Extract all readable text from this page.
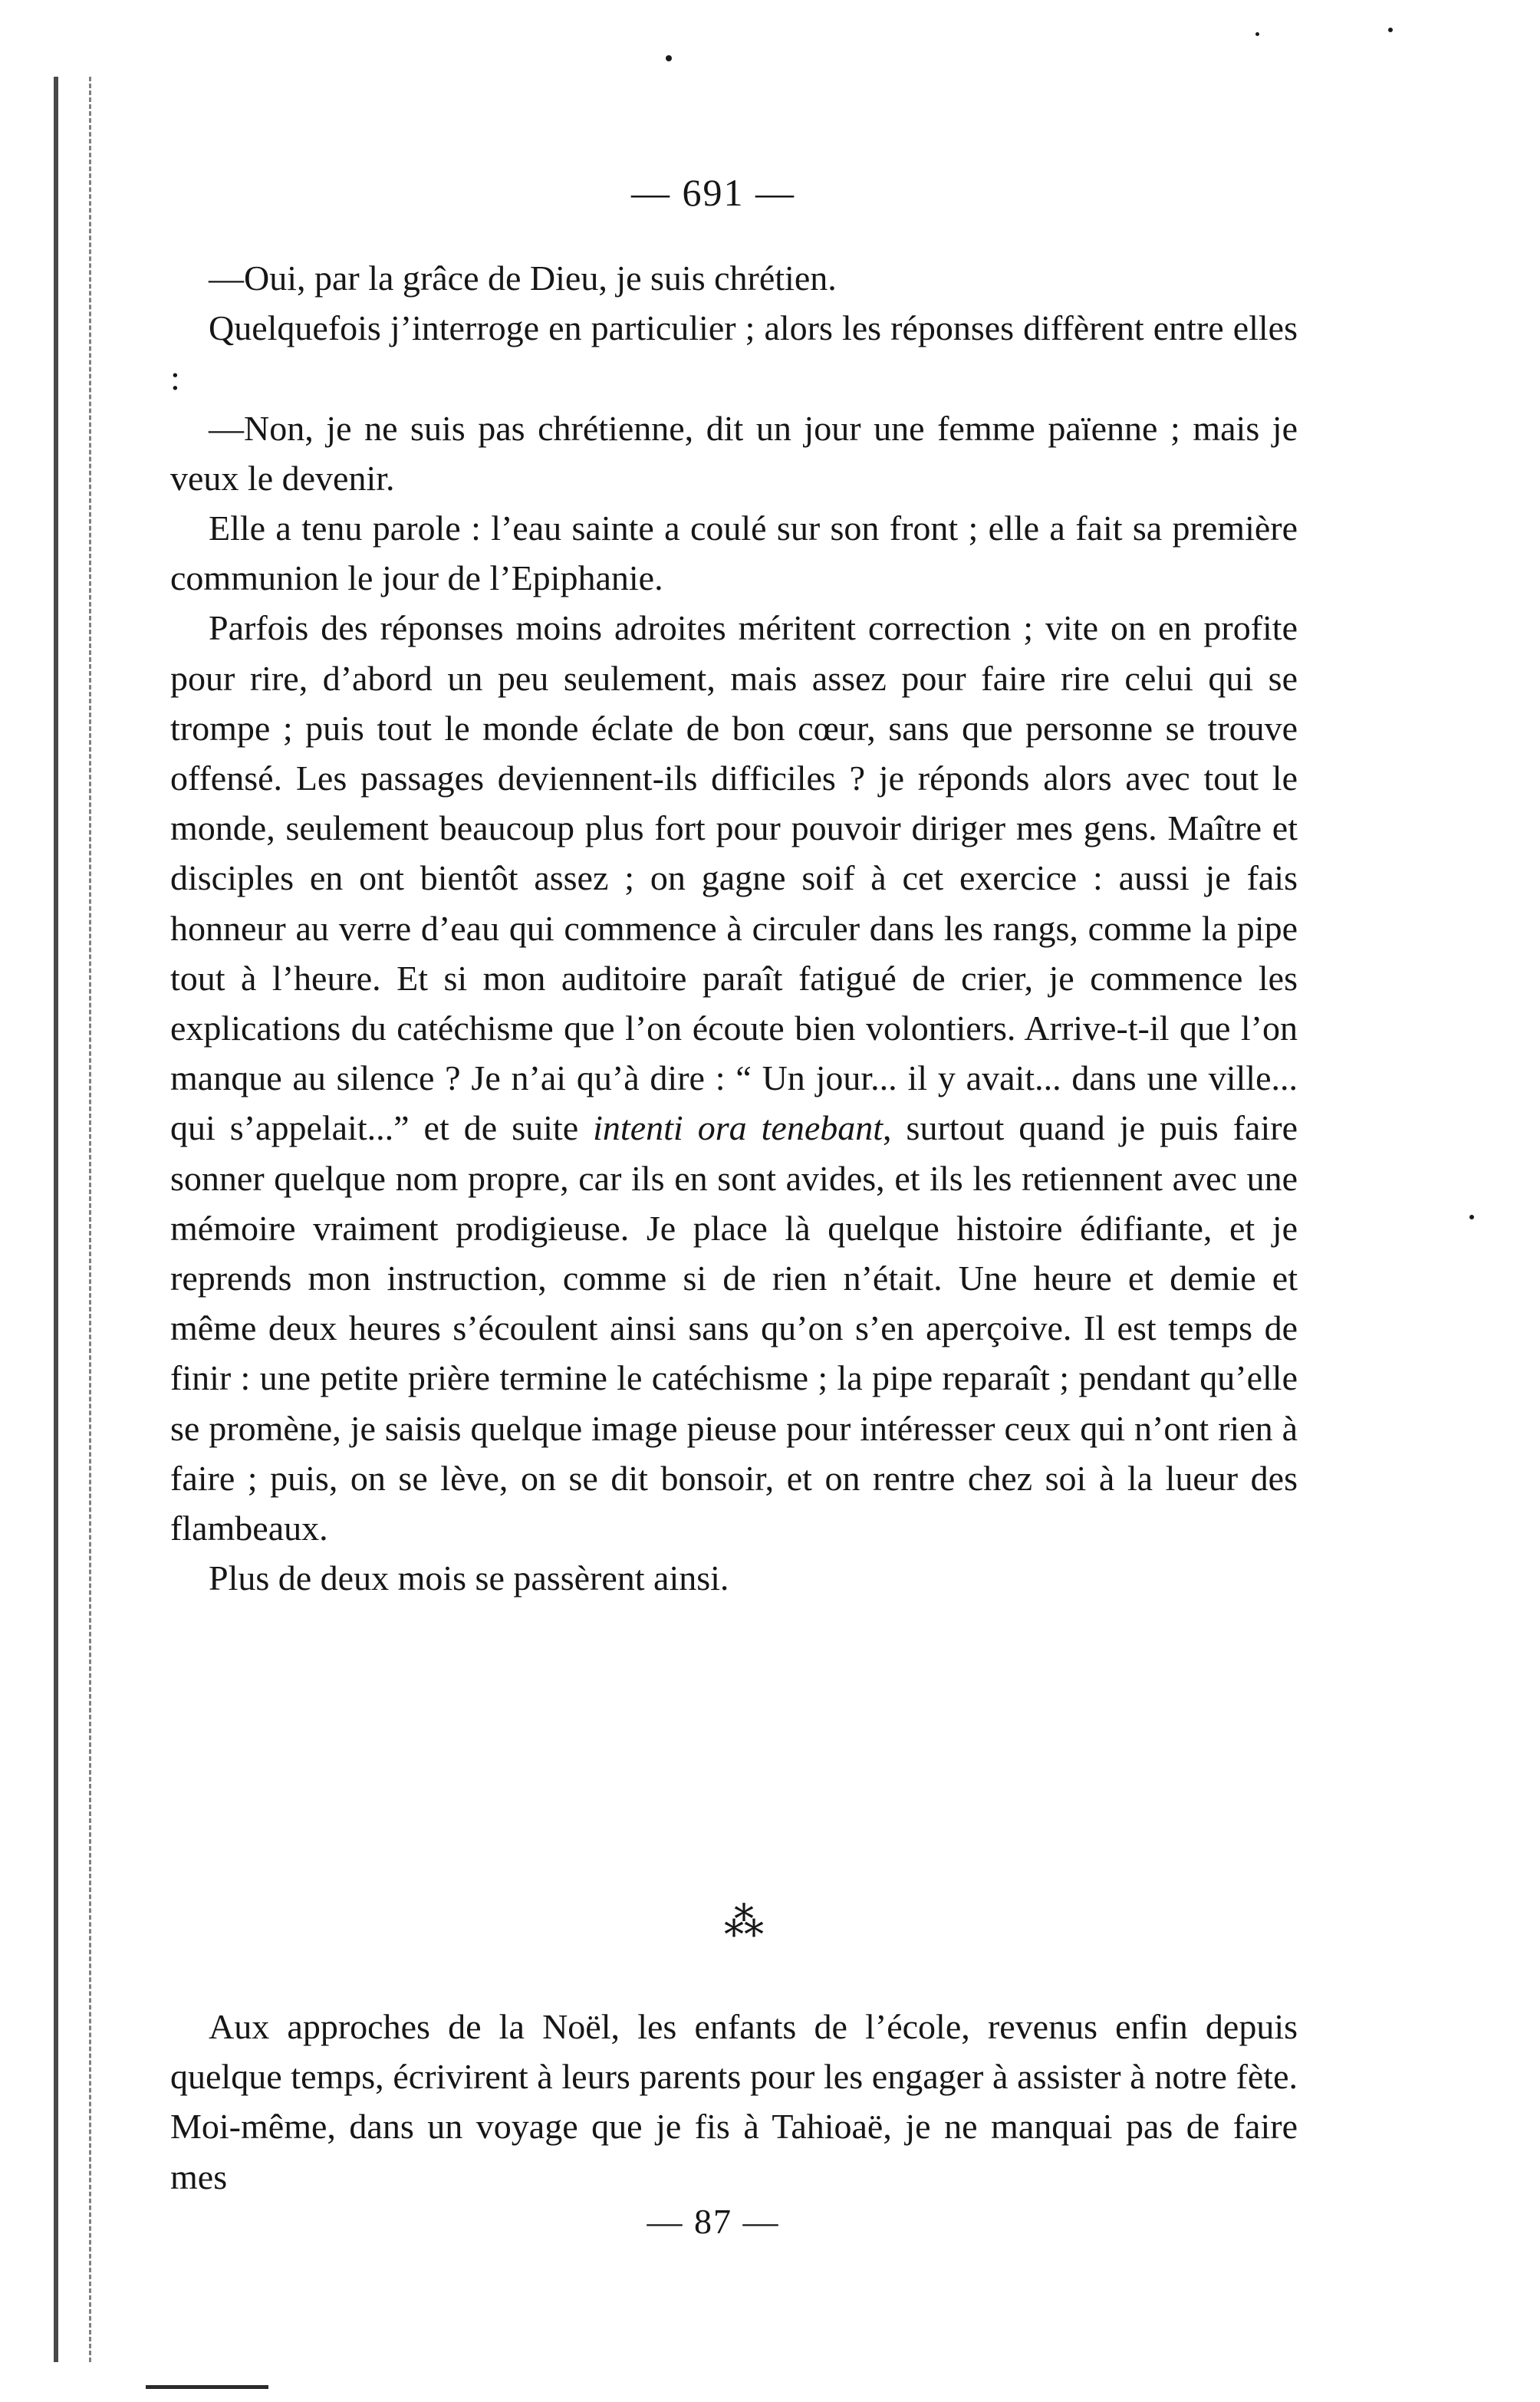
— 691 —

—Oui, par la grâce de Dieu, je suis chrétien.

Quelquefois j’interroge en particulier ; alors les réponses diffèrent entre elles :

—Non, je ne suis pas chrétienne, dit un jour une femme païenne ; mais je veux le devenir.

Elle a tenu parole : l’eau sainte a coulé sur son front ; elle a fait sa première communion le jour de l’Epiphanie.

Parfois des réponses moins adroites méritent correction ; vite on en profite pour rire, d’abord un peu seulement, mais assez pour faire rire celui qui se trompe ; puis tout le monde éclate de bon cœur, sans que personne se trouve offensé. Les passages deviennent-ils difficiles ? je réponds alors avec tout le monde, seulement beaucoup plus fort pour pouvoir diriger mes gens. Maître et disciples en ont bientôt assez ; on gagne soif à cet exercice : aussi je fais honneur au verre d’eau qui commence à circuler dans les rangs, comme la pipe tout à l’heure. Et si mon auditoire paraît fatigué de crier, je commence les explications du catéchisme que l’on écoute bien volontiers. Arrive-t-il que l’on manque au silence ? Je n’ai qu’à dire : “ Un jour... il y avait... dans une ville... qui s’appelait...” et de suite intenti ora tenebant, surtout quand je puis faire sonner quelque nom propre, car ils en sont avides, et ils les retiennent avec une mémoire vraiment prodigieuse. Je place là quelque histoire édifiante, et je reprends mon instruction, comme si de rien n’était. Une heure et demie et même deux heures s’écoulent ainsi sans qu’on s’en aperçoive. Il est temps de finir : une petite prière termine le catéchisme ; la pipe reparaît ; pendant qu’elle se promène, je saisis quelque image pieuse pour intéresser ceux qui n’ont rien à faire ; puis, on se lève, on se dit bonsoir, et on rentre chez soi à la lueur des flambeaux.

Plus de deux mois se passèrent ainsi.

⁂

Aux approches de la Noël, les enfants de l’école, revenus enfin depuis quelque temps, écrivirent à leurs parents pour les engager à assister à notre fète. Moi-même, dans un voyage que je fis à Tahioaë, je ne manquai pas de faire mes

— 87 —
